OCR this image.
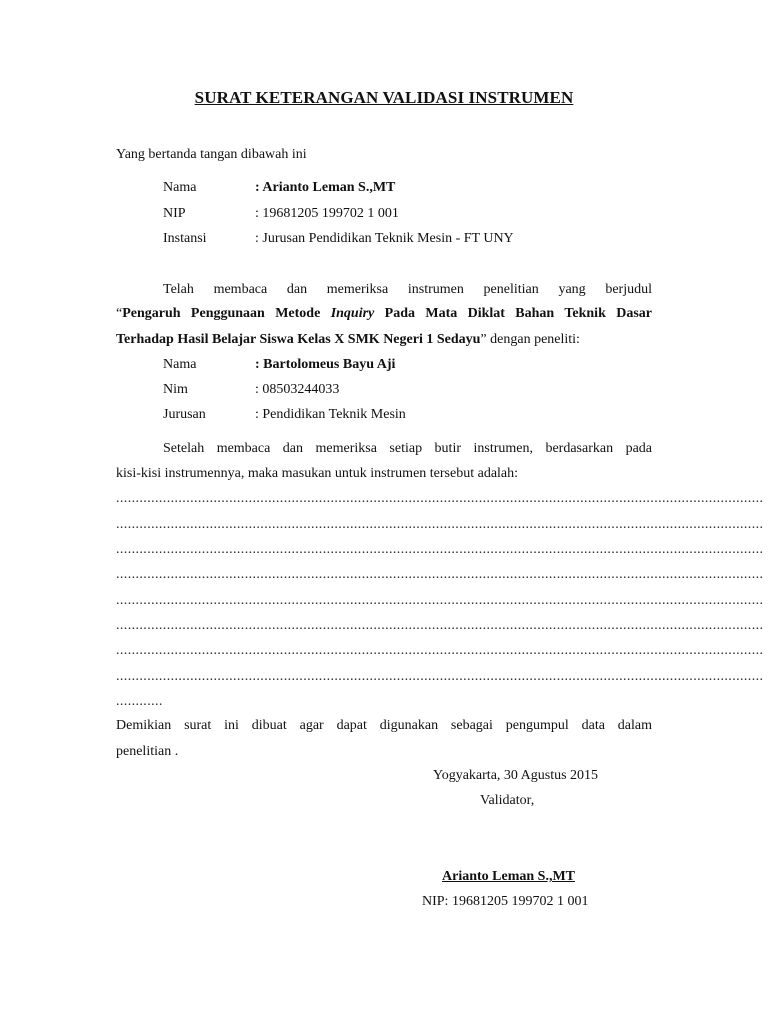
SURAT KETERANGAN VALIDASI INSTRUMEN
Yang bertanda tangan dibawah ini
Nama	: Arianto Leman S.,MT
NIP	: 19681205 199702 1 001
Instansi	: Jurusan Pendidikan Teknik Mesin - FT UNY
Telah membaca dan memeriksa instrumen penelitian yang berjudul
“Pengaruh Penggunaan Metode Inquiry Pada Mata Diklat Bahan Teknik Dasar
Terhadap Hasil Belajar Siswa Kelas X SMK Negeri 1 Sedayu” dengan peneliti:
Nama	: Bartolomeus Bayu Aji
Nim	: 08503244033
Jurusan	: Pendidikan Teknik Mesin
Setelah membaca dan memeriksa setiap butir instrumen, berdasarkan pada
kisi-kisi instrumennya, maka masukan untuk instrumen tersebut adalah:
......................................................................................................................................................................
......................................................................................................................................................................
......................................................................................................................................................................
......................................................................................................................................................................
......................................................................................................................................................................
......................................................................................................................................................................
......................................................................................................................................................................
......................................................................................................................................................................
............
Demikian surat ini dibuat agar dapat digunakan sebagai pengumpul data dalam
penelitian .
Yogyakarta, 30 Agustus 2015
Validator,
Arianto Leman S.,MT
NIP: 19681205 199702 1 001
